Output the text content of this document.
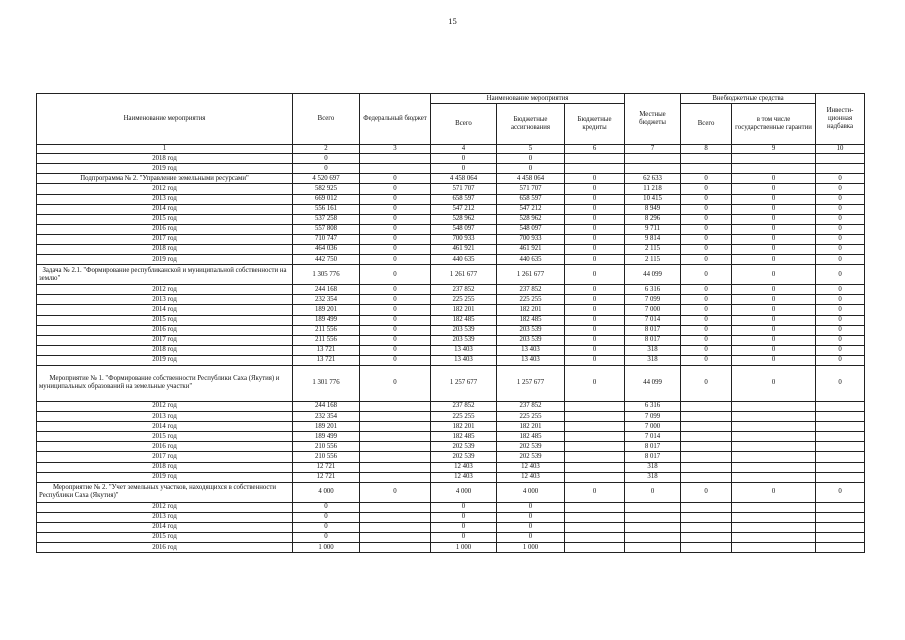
15
Наименование мероприятия	Всего	Федеральный бюджет	Наименование мероприятия			Местные бюджеты	Внебюджетные средства		Инвести-ционная надбавка
			Всего	Бюджетные ассигнования	Бюджетные кредиты		Всего	в том числе государственные гарантии	
1	2	3	4	5	6	7	8	9	10
2018 год	0		0	0					
2019 год	0		0	0					
Подпрограмма № 2. "Управление земельными ресурсами"	4 520 697	0	4 458 064	4 458 064	0	62 633	0	0	0
2012 год	582 925	0	571 707	571 707	0	11 218	0	0	0
2013 год	669 012	0	658 597	658 597	0	10 415	0	0	0
2014 год	556 161	0	547 212	547 212	0	8 949	0	0	0
2015 год	537 258	0	528 962	528 962	0	8 296	0	0	0
2016 год	557 808	0	548 097	548 097	0	9 711	0	0	0
2017 год	710 747	0	700 933	700 933	0	9 814	0	0	0
2018 год	464 036	0	461 921	461 921	0	2 115	0	0	0
2019 год	442 750	0	440 635	440 635	0	2 115	0	0	0
Задача № 2.1. "Формирование республиканской и муниципальной собственности на землю"	1 305 776	0	1 261 677	1 261 677	0	44 099	0	0	0
2012 год	244 168	0	237 852	237 852	0	6 316	0	0	0
2013 год	232 354	0	225 255	225 255	0	7 099	0	0	0
2014 год	189 201	0	182 201	182 201	0	7 000	0	0	0
2015 год	189 499	0	182 485	182 485	0	7 014	0	0	0
2016 год	211 556	0	203 539	203 539	0	8 017	0	0	0
2017 год	211 556	0	203 539	203 539	0	8 017	0	0	0
2018 год	13 721	0	13 403	13 403	0	318	0	0	0
2019 год	13 721	0	13 403	13 403	0	318	0	0	0
Мероприятие № 1. "Формирование собственности Республики Саха (Якутия) и муниципальных образований на земельные участки"	1 301 776	0	1 257 677	1 257 677	0	44 099	0	0	0
2012 год	244 168		237 852	237 852		6 316			
2013 год	232 354		225 255	225 255		7 099			
2014 год	189 201		182 201	182 201		7 000			
2015 год	189 499		182 485	182 485		7 014			
2016 год	210 556		202 539	202 539		8 017			
2017 год	210 556		202 539	202 539		8 017			
2018 год	12 721		12 403	12 403		318			
2019 год	12 721		12 403	12 403		318			
Мероприятие № 2. "Учет земельных участков, находящихся в собственности Республики Саха (Якутия)"	4 000	0	4 000	4 000	0	0	0	0	0
2012 год	0		0	0					
2013 год	0		0	0					
2014 год	0		0	0					
2015 год	0		0	0					
2016 год	1 000		1 000	1 000					
